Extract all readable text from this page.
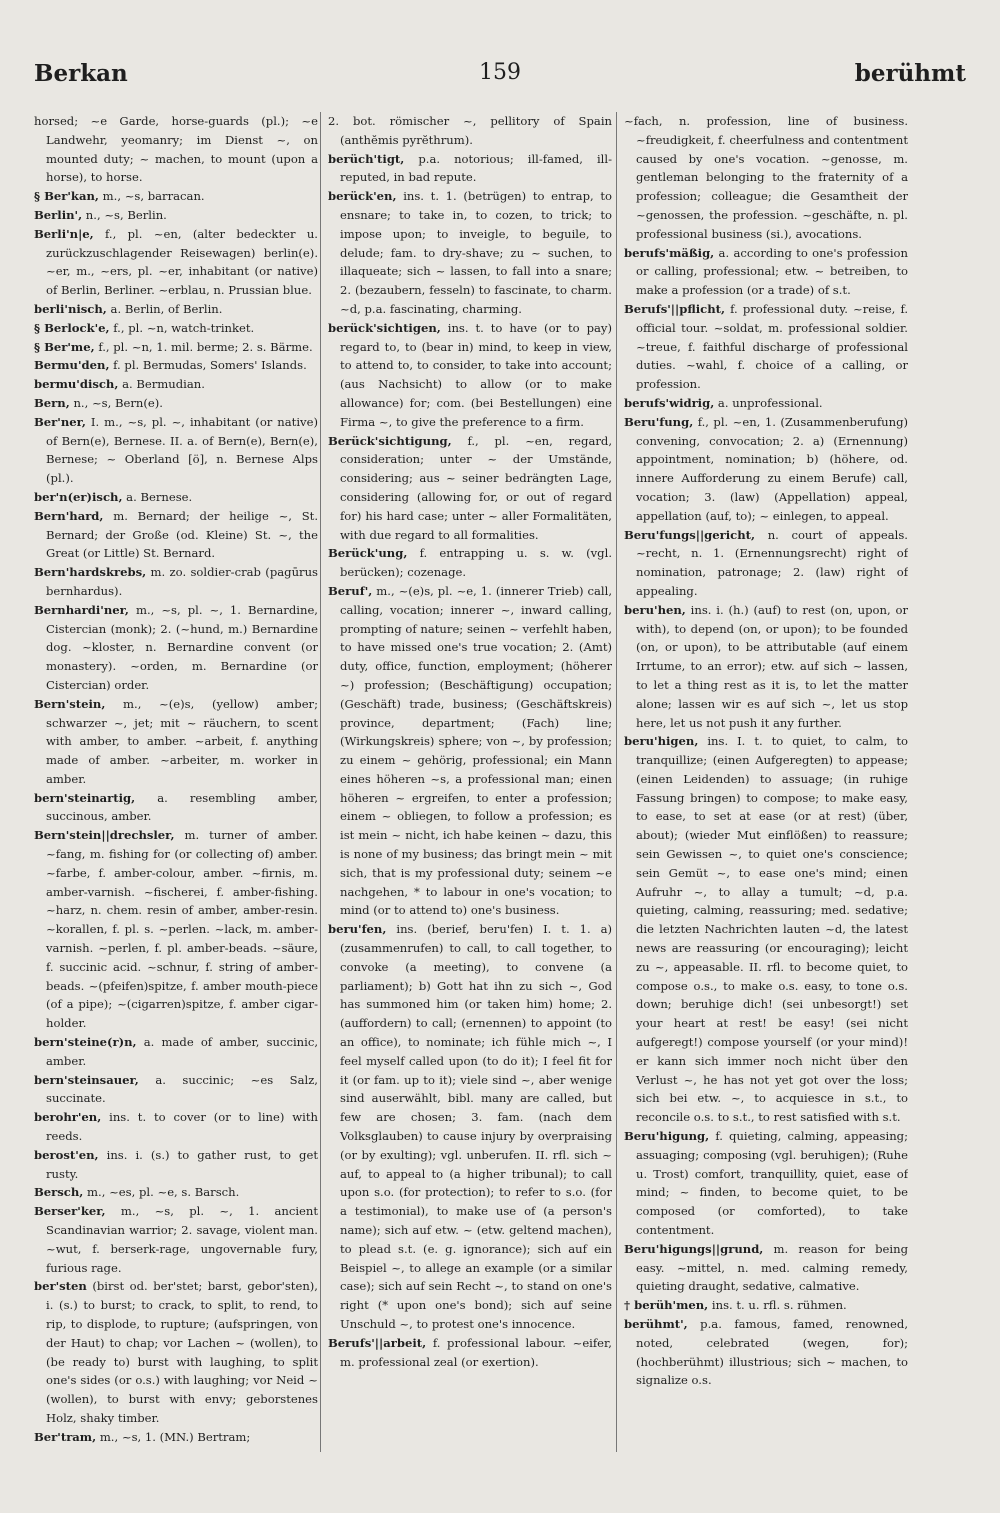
Berkan	159	berühmt

horsed; ~e Garde, horse-guards (pl.); ~e Landwehr, yeomanry; im Dienst ~, on mounted duty; ~ machen, to mount (upon a horse), to horse.

§ Ber'kan, m., ~s, barracan.

Berlin', n., ~s, Berlin.

Berli'n|e, f., pl. ~en, (alter bedeckter u. zurückzuschlagender Reisewagen) berlin(e). ~er, m., ~ers, pl. ~er, inhabitant (or native) of Berlin, Berliner. ~erblau, n. Prussian blue.

berli'nisch, a. Berlin, of Berlin.

§ Berlock'e, f., pl. ~n, watch-trinket.

§ Ber'me, f., pl. ~n, 1. mil. berme; 2. s. Bärme.

Bermu'den, f. pl. Bermudas, Somers' Islands.

bermu'disch, a. Bermudian.

Bern, n., ~s, Bern(e).

Ber'ner, I. m., ~s, pl. ~, inhabitant (or native) of Bern(e), Bernese. II. a. of Bern(e), Bern(e), Bernese; ~ Oberland [ö], n. Bernese Alps (pl.).

ber'n(er)isch, a. Bernese.

Bern'hard, m. Bernard; der heilige ~, St. Bernard; der Große (od. Kleine) St. ~, the Great (or Little) St. Bernard.

Bern'hardskrebs, m. zo. soldier-crab (pagūrus bernhardus).

Bernhardi'ner, m., ~s, pl. ~, 1. Bernardine, Cistercian (monk); 2. (~hund, m.) Bernardine dog. ~kloster, n. Bernardine convent (or monastery). ~orden, m. Bernardine (or Cistercian) order.

Bern'stein, m., ~(e)s, (yellow) amber; schwarzer ~, jet; mit ~ räuchern, to scent with amber, to amber. ~arbeit, f. anything made of amber. ~arbeiter, m. worker in amber.

bern'steinartig, a. resembling amber, succinous, amber.

Bern'stein||drechsler, m. turner of amber. ~fang, m. fishing for (or collecting of) amber. ~farbe, f. amber-colour, amber. ~firnis, m. amber-varnish. ~fischerei, f. amber-fishing. ~harz, n. chem. resin of amber, amber-resin. ~korallen, f. pl. s. ~perlen. ~lack, m. amber-varnish. ~perlen, f. pl. amber-beads. ~säure, f. succinic acid. ~schnur, f. string of amber-beads. ~(pfeifen)spitze, f. amber mouth-piece (of a pipe); ~(cigarren)spitze, f. amber cigar-holder.

bern'steine(r)n, a. made of amber, succinic, amber.

bern'steinsauer, a. succinic; ~es Salz, succinate.

berohr'en, ins. t. to cover (or to line) with reeds.

berost'en, ins. i. (s.) to gather rust, to get rusty.

Bersch, m., ~es, pl. ~e, s. Barsch.

Berser'ker, m., ~s, pl. ~, 1. ancient Scandinavian warrior; 2. savage, violent man. ~wut, f. berserk-rage, ungovernable fury, furious rage.

ber'sten (birst od. ber'stet; barst, gebor'sten), i. (s.) to burst; to crack, to split, to rend, to rip, to displode, to rupture; (aufspringen, von der Haut) to chap; vor Lachen ~ (wollen), to (be ready to) burst with laughing, to split one's sides (or o.s.) with laughing; vor Neid ~ (wollen), to burst with envy; geborstenes Holz, shaky timber.

Ber'tram, m., ~s, 1. (MN.) Bertram;

2. bot. römischer ~, pellitory of Spain (anthĕmis pyrĕthrum).

berüch'tigt, p.a. notorious; ill-famed, ill-reputed, in bad repute.

berück'en, ins. t. 1. (betrügen) to entrap, to ensnare; to take in, to cozen, to trick; to impose upon; to inveigle, to beguile, to delude; fam. to dry-shave; zu ~ suchen, to illaqueate; sich ~ lassen, to fall into a snare; 2. (bezaubern, fesseln) to fascinate, to charm. ~d, p.a. fascinating, charming.

berück'sichtigen, ins. t. to have (or to pay) regard to, to (bear in) mind, to keep in view, to attend to, to consider, to take into account; (aus Nachsicht) to allow (or to make allowance) for; com. (bei Bestellungen) eine Firma ~, to give the preference to a firm.

Berück'sichtigung, f., pl. ~en, regard, consideration; unter ~ der Umstände, considering; aus ~ seiner bedrängten Lage, considering (allowing for, or out of regard for) his hard case; unter ~ aller Formalitäten, with due regard to all formalities.

Berück'ung, f. entrapping u. s. w. (vgl. berücken); cozenage.

Beruf', m., ~(e)s, pl. ~e, 1. (innerer Trieb) call, calling, vocation; innerer ~, inward calling, prompting of nature; seinen ~ verfehlt haben, to have missed one's true vocation; 2. (Amt) duty, office, function, employment; (höherer ~) profession; (Beschäftigung) occupation; (Geschäft) trade, business; (Geschäftskreis) province, department; (Fach) line; (Wirkungskreis) sphere; von ~, by profession; zu einem ~ gehörig, professional; ein Mann eines höheren ~s, a professional man; einen höheren ~ ergreifen, to enter a profession; einem ~ obliegen, to follow a profession; es ist mein ~ nicht, ich habe keinen ~ dazu, this is none of my business; das bringt mein ~ mit sich, that is my professional duty; seinem ~e nachgehen, * to labour in one's vocation; to mind (or to attend to) one's business.

beru'fen, ins. (berief, beru'fen) I. t. 1. a) (zusammenrufen) to call, to call together, to convoke (a meeting), to convene (a parliament); b) Gott hat ihn zu sich ~, God has summoned him (or taken him) home; 2. (auffordern) to call; (ernennen) to appoint (to an office), to nominate; ich fühle mich ~, I feel myself called upon (to do it); I feel fit for it (or fam. up to it); viele sind ~, aber wenige sind auserwählt, bibl. many are called, but few are chosen; 3. fam. (nach dem Volksglauben) to cause injury by overpraising (or by exulting); vgl. unberufen. II. rfl. sich ~ auf, to appeal to (a higher tribunal); to call upon s.o. (for protection); to refer to s.o. (for a testimonial), to make use of (a person's name); sich auf etw. ~ (etw. geltend machen), to plead s.t. (e. g. ignorance); sich auf ein Beispiel ~, to allege an example (or a similar case); sich auf sein Recht ~, to stand on one's right (* upon one's bond); sich auf seine Unschuld ~, to protest one's innocence.

Berufs'||arbeit, f. professional labour. ~eifer, m. professional zeal (or exertion).

~fach, n. profession, line of business. ~freudigkeit, f. cheerfulness and contentment caused by one's vocation. ~genosse, m. gentleman belonging to the fraternity of a profession; colleague; die Gesamtheit der ~genossen, the profession. ~geschäfte, n. pl. professional business (si.), avocations.

berufs'mäßig, a. according to one's profession or calling, professional; etw. ~ betreiben, to make a profession (or a trade) of s.t.

Berufs'||pflicht, f. professional duty. ~reise, f. official tour. ~soldat, m. professional soldier. ~treue, f. faithful discharge of professional duties. ~wahl, f. choice of a calling, or profession.

berufs'widrig, a. unprofessional.

Beru'fung, f., pl. ~en, 1. (Zusammenberufung) convening, convocation; 2. a) (Ernennung) appointment, nomination; b) (höhere, od. innere Aufforderung zu einem Berufe) call, vocation; 3. (law) (Appellation) appeal, appellation (auf, to); ~ einlegen, to appeal.

Beru'fungs||gericht, n. court of appeals. ~recht, n. 1. (Ernennungsrecht) right of nomination, patronage; 2. (law) right of appealing.

beru'hen, ins. i. (h.) (auf) to rest (on, upon, or with), to depend (on, or upon); to be founded (on, or upon), to be attributable (auf einem Irrtume, to an error); etw. auf sich ~ lassen, to let a thing rest as it is, to let the matter alone; lassen wir es auf sich ~, let us stop here, let us not push it any further.

beru'higen, ins. I. t. to quiet, to calm, to tranquillize; (einen Aufgeregten) to appease; (einen Leidenden) to assuage; (in ruhige Fassung bringen) to compose; to make easy, to ease, to set at ease (or at rest) (über, about); (wieder Mut einflößen) to reassure; sein Gewissen ~, to quiet one's conscience; sein Gemüt ~, to ease one's mind; einen Aufruhr ~, to allay a tumult; ~d, p.a. quieting, calming, reassuring; med. sedative; die letzten Nachrichten lauten ~d, the latest news are reassuring (or encouraging); leicht zu ~, appeasable. II. rfl. to become quiet, to compose o.s., to make o.s. easy, to tone o.s. down; beruhige dich! (sei unbesorgt!) set your heart at rest! be easy! (sei nicht aufgeregt!) compose yourself (or your mind)! er kann sich immer noch nicht über den Verlust ~, he has not yet got over the loss; sich bei etw. ~, to acquiesce in s.t., to reconcile o.s. to s.t., to rest satisfied with s.t.

Beru'higung, f. quieting, calming, appeasing; assuaging; composing (vgl. beruhigen); (Ruhe u. Trost) comfort, tranquillity, quiet, ease of mind; ~ finden, to become quiet, to be composed (or comforted), to take contentment.

Beru'higungs||grund, m. reason for being easy. ~mittel, n. med. calming remedy, quieting draught, sedative, calmative.

† berüh'men, ins. t. u. rfl. s. rühmen.

berühmt', p.a. famous, famed, renowned, noted, celebrated (wegen, for); (hochberühmt) illustrious; sich ~ machen, to signalize o.s.
